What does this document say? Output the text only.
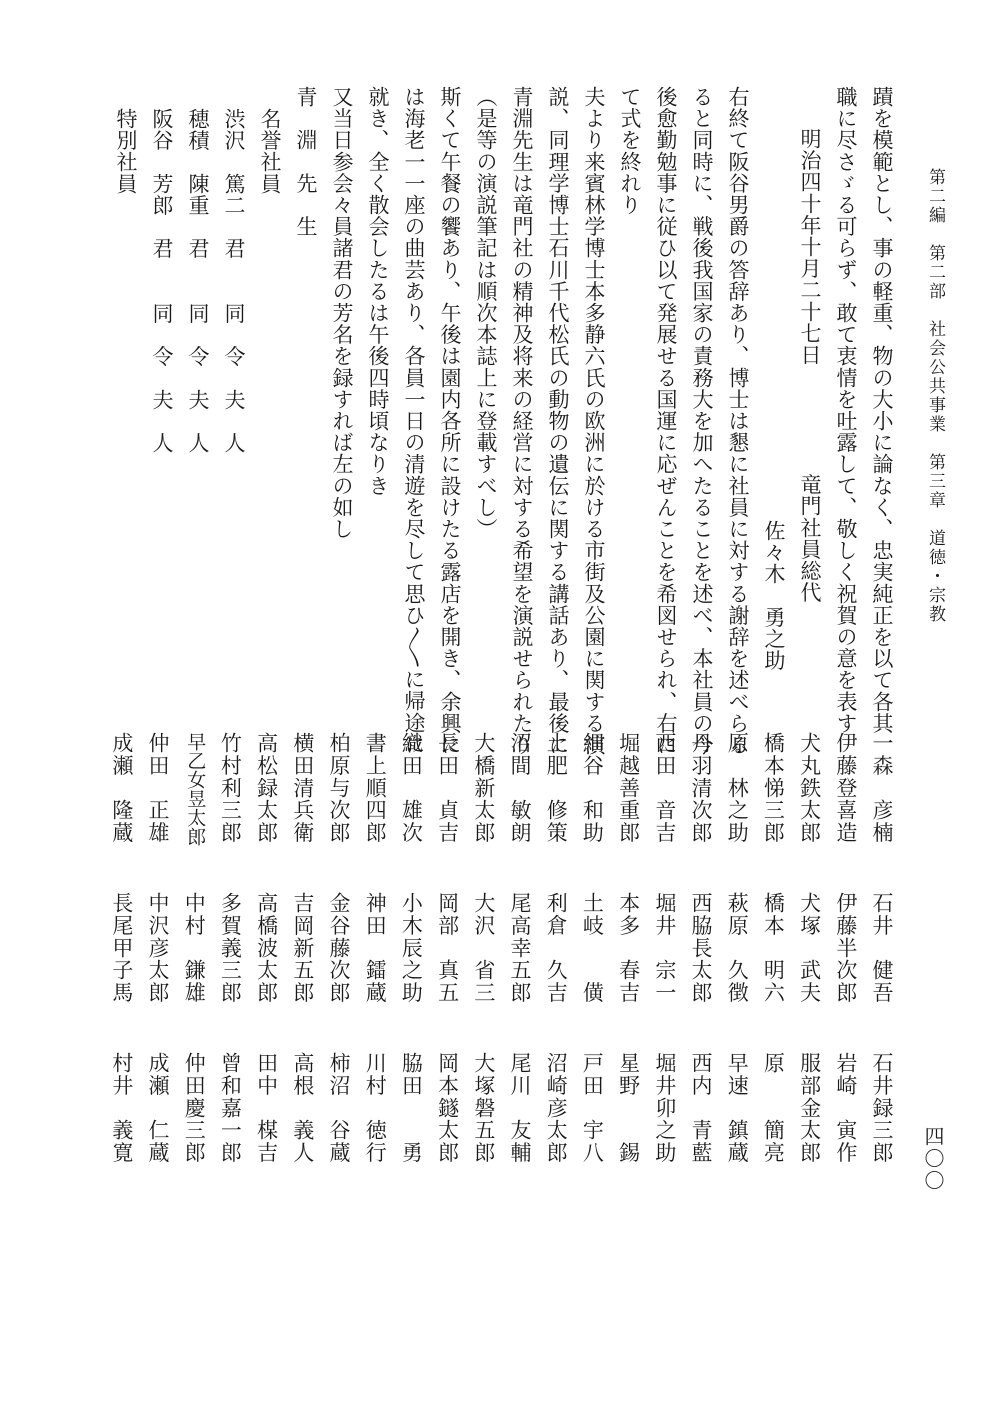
第二編　第二部　社会公共事業　第三章　道徳・宗教
四〇〇
蹟を模範とし、事の軽重、物の大小に論なく、忠実純正を以て各其
職に尽さゞる可らず、敢て衷情を吐露して、敬しく祝賀の意を表す
明治四十年十月二十七日　　　　　竜門社員総代
佐々木　勇之助
右終て阪谷男爵の答辞あり、博士は懇に社員に対する謝辞を述べらる
ると同時に、戦後我国家の責務大を加へたることを述べ、本社員の今
後愈勤勉事に従ひ以て発展せる国運に応ぜんことを希図せられ、右に
て式を終れり
夫より来賓林学博士本多静六氏の欧洲に於ける市街及公園に関する演
説、同理学博士石川千代松氏の動物の遺伝に関する講話あり、最後に
青淵先生は竜門社の精神及将来の経営に対する希望を演説せられたり
（是等の演説筆記は順次本誌上に登載すべし）
斯くて午餐の饗あり、午後は園内各所に設けたる露店を開き、余興に
は海老一一座の曲芸あり、各員一日の清遊を尽して思ひ〳〵に帰途に
就き、全く散会したるは午後四時頃なりき
又当日参会々員諸君の芳名を録すれば左の如し
青　淵　先　生
名誉社員
渋沢　篤二　君　　同　令　夫　人
穂積　陳重　君　　同　令　夫　人
阪谷　芳郎　君　　同　令　夫　人
特別社員
一森　彦楠
石井　健吾
石井録三郎
伊藤登喜造
伊藤半次郎
岩崎　寅作
犬丸鉄太郎
犬塚　武夫
服部金太郎
橋本悌三郎
橋本　明六
原　　簡亮
原　林之助
萩原　久徴
早速　鎮蔵
丹羽清次郎
西脇長太郎
西内　青藍
西田　音吉
堀井　宗一
堀井卯之助
堀越善重郎
本多　春吉
星野　　錫
細谷　和助
土岐　　僙
戸田　宇八
土肥　修策
利倉　久吉
沼崎彦太郎
沼間　敏朗
尾高幸五郎
尾川　友輔
大橋新太郎
大沢　省三
大塚磐五郎
長田　貞吉
岡部　真五
岡本鐩太郎
織田　雄次
小木辰之助
脇田　　勇
書上順四郎
神田　鐳蔵
川村　徳行
柏原与次郎
金谷藤次郎
柿沼　谷蔵
横田清兵衛
吉岡新五郎
高根　義人
高松録太郎
高橋波太郎
田中　楳吉
竹村利三郎
多賀義三郎
曾和嘉一郎
早乙女昱太郎
中村　鎌雄
仲田慶三郎
仲田　正雄
中沢彦太郎
成瀬　仁蔵
成瀬　隆蔵
長尾甲子馬
村井　義寛
